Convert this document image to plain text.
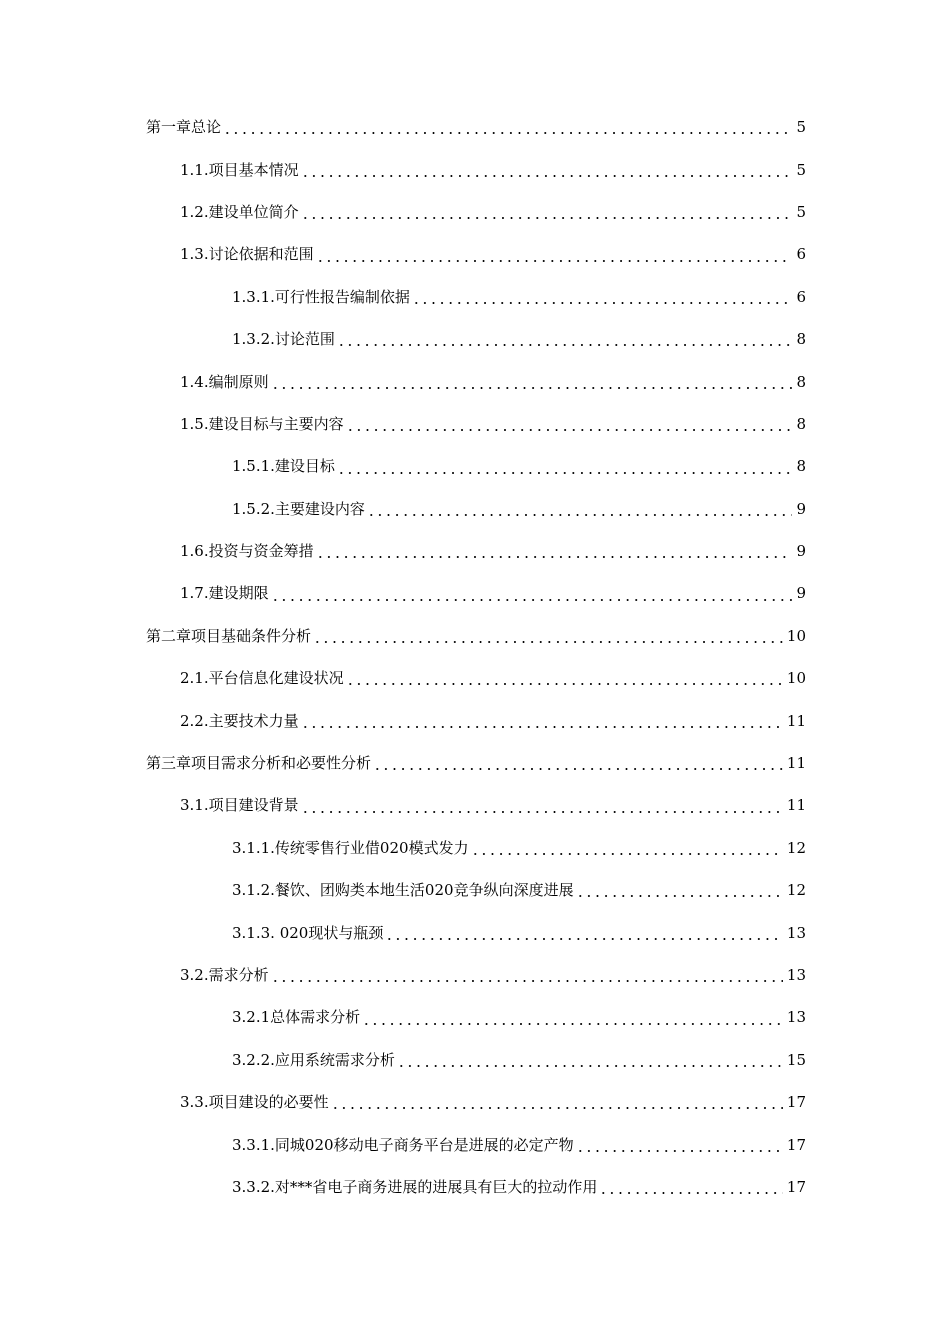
第一章总论	5
1.1.项目基本情况	5
1.2.建设单位简介	5
1.3.讨论依据和范围	6
1.3.1.可行性报告编制依据	6
1.3.2.讨论范围	8
1.4.编制原则	8
1.5.建设目标与主要内容	8
1.5.1.建设目标	8
1.5.2.主要建设内容	9
1.6.投资与资金筹措	9
1.7.建设期限	9
第二章项目基础条件分析	10
2.1.平台信息化建设状况	10
2.2.主要技术力量	11
第三章项目需求分析和必要性分析	11
3.1.项目建设背景	11
3.1.1.传统零售行业借020模式发力	12
3.1.2.餐饮、团购类本地生活020竞争纵向深度进展	12
3.1.3. 020现状与瓶颈	13
3.2.需求分析	13
3.2.1总体需求分析	13
3.2.2.应用系统需求分析	15
3.3.项目建设的必要性	17
3.3.1.同城020移动电子商务平台是进展的必定产物	17
3.3.2.对***省电子商务进展的进展具有巨大的拉动作用	17
